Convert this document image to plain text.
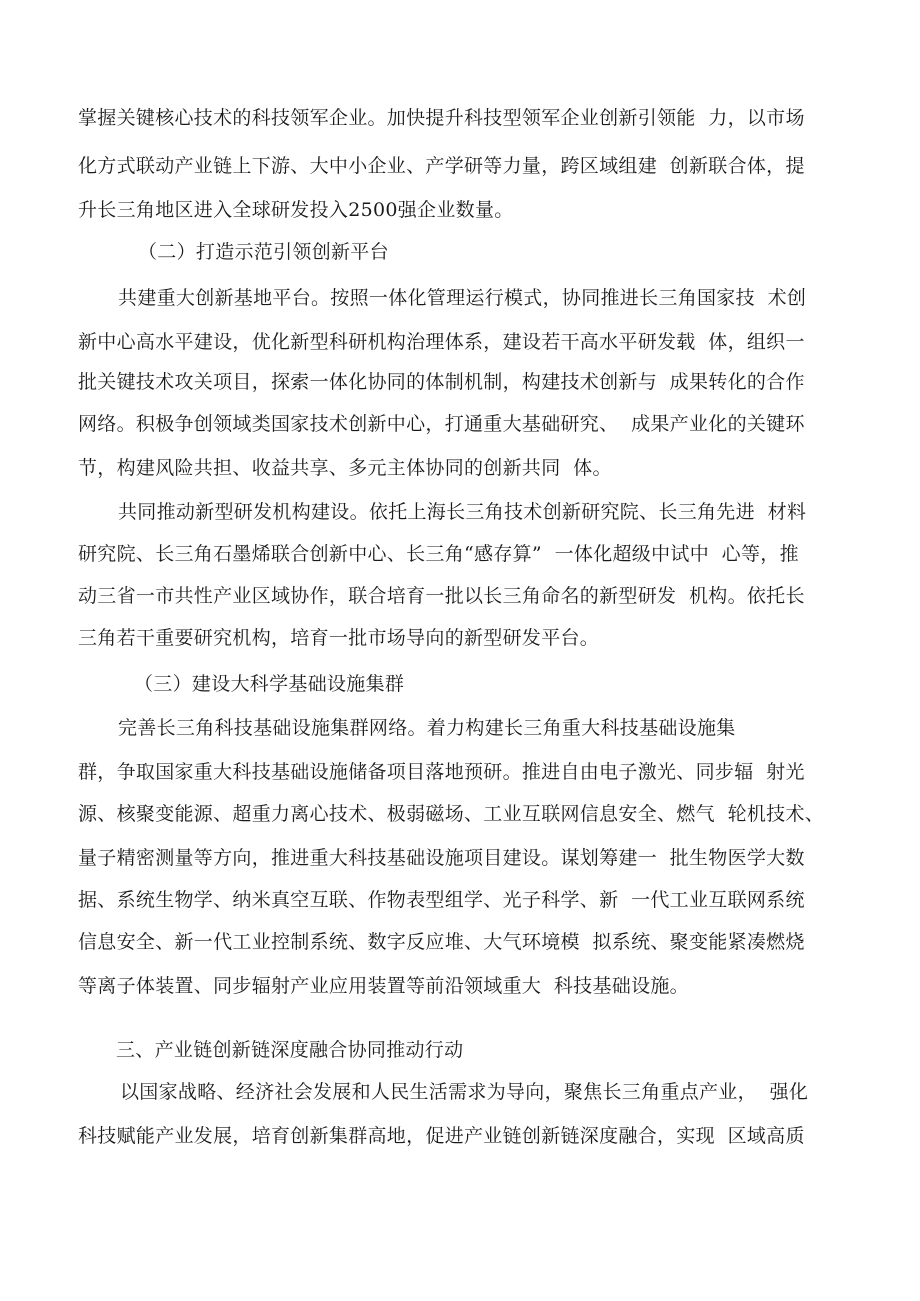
掌握关键核心技术的科技领军企业。加快提升科技型领军企业创新引领能  力，以市场
化方式联动产业链上下游、大中小企业、产学研等力量，跨区域组建  创新联合体，提
升长三角地区进入全球研发投入2500强企业数量。
（二）打造示范引领创新平台
共建重大创新基地平台。按照一体化管理运行模式，协同推进长三角国家技  术创
新中心高水平建设，优化新型科研机构治理体系，建设若干高水平研发载  体，组织一
批关键技术攻关项目，探索一体化协同的体制机制，构建技术创新与  成果转化的合作
网络。积极争创领域类国家技术创新中心，打通重大基础研究、  成果产业化的关键环
节，构建风险共担、收益共享、多元主体协同的创新共同  体。
共同推动新型研发机构建设。依托上海长三角技术创新研究院、长三角先进  材料
研究院、长三角石墨烯联合创新中心、长三角“感存算”  一体化超级中试中  心等，推
动三省一市共性产业区域协作，联合培育一批以长三角命名的新型研发  机构。依托长
三角若干重要研究机构，培育一批市场导向的新型研发平台。
（三）建设大科学基础设施集群
完善长三角科技基础设施集群网络。着力构建长三角重大科技基础设施集
群，争取国家重大科技基础设施储备项目落地预研。推进自由电子激光、同步辐  射光
源、核聚变能源、超重力离心技术、极弱磁场、工业互联网信息安全、燃气  轮机技术、
量子精密测量等方向，推进重大科技基础设施项目建设。谋划筹建一  批生物医学大数
据、系统生物学、纳米真空互联、作物表型组学、光子科学、新  一代工业互联网系统
信息安全、新一代工业控制系统、数字反应堆、大气环境模  拟系统、聚变能紧凑燃烧
等离子体装置、同步辐射产业应用装置等前沿领域重大  科技基础设施。
三、产业链创新链深度融合协同推动行动
以国家战略、经济社会发展和人民生活需求为导向，聚焦长三角重点产业，  强化
科技赋能产业发展，培育创新集群高地，促进产业链创新链深度融合，实现  区域高质
